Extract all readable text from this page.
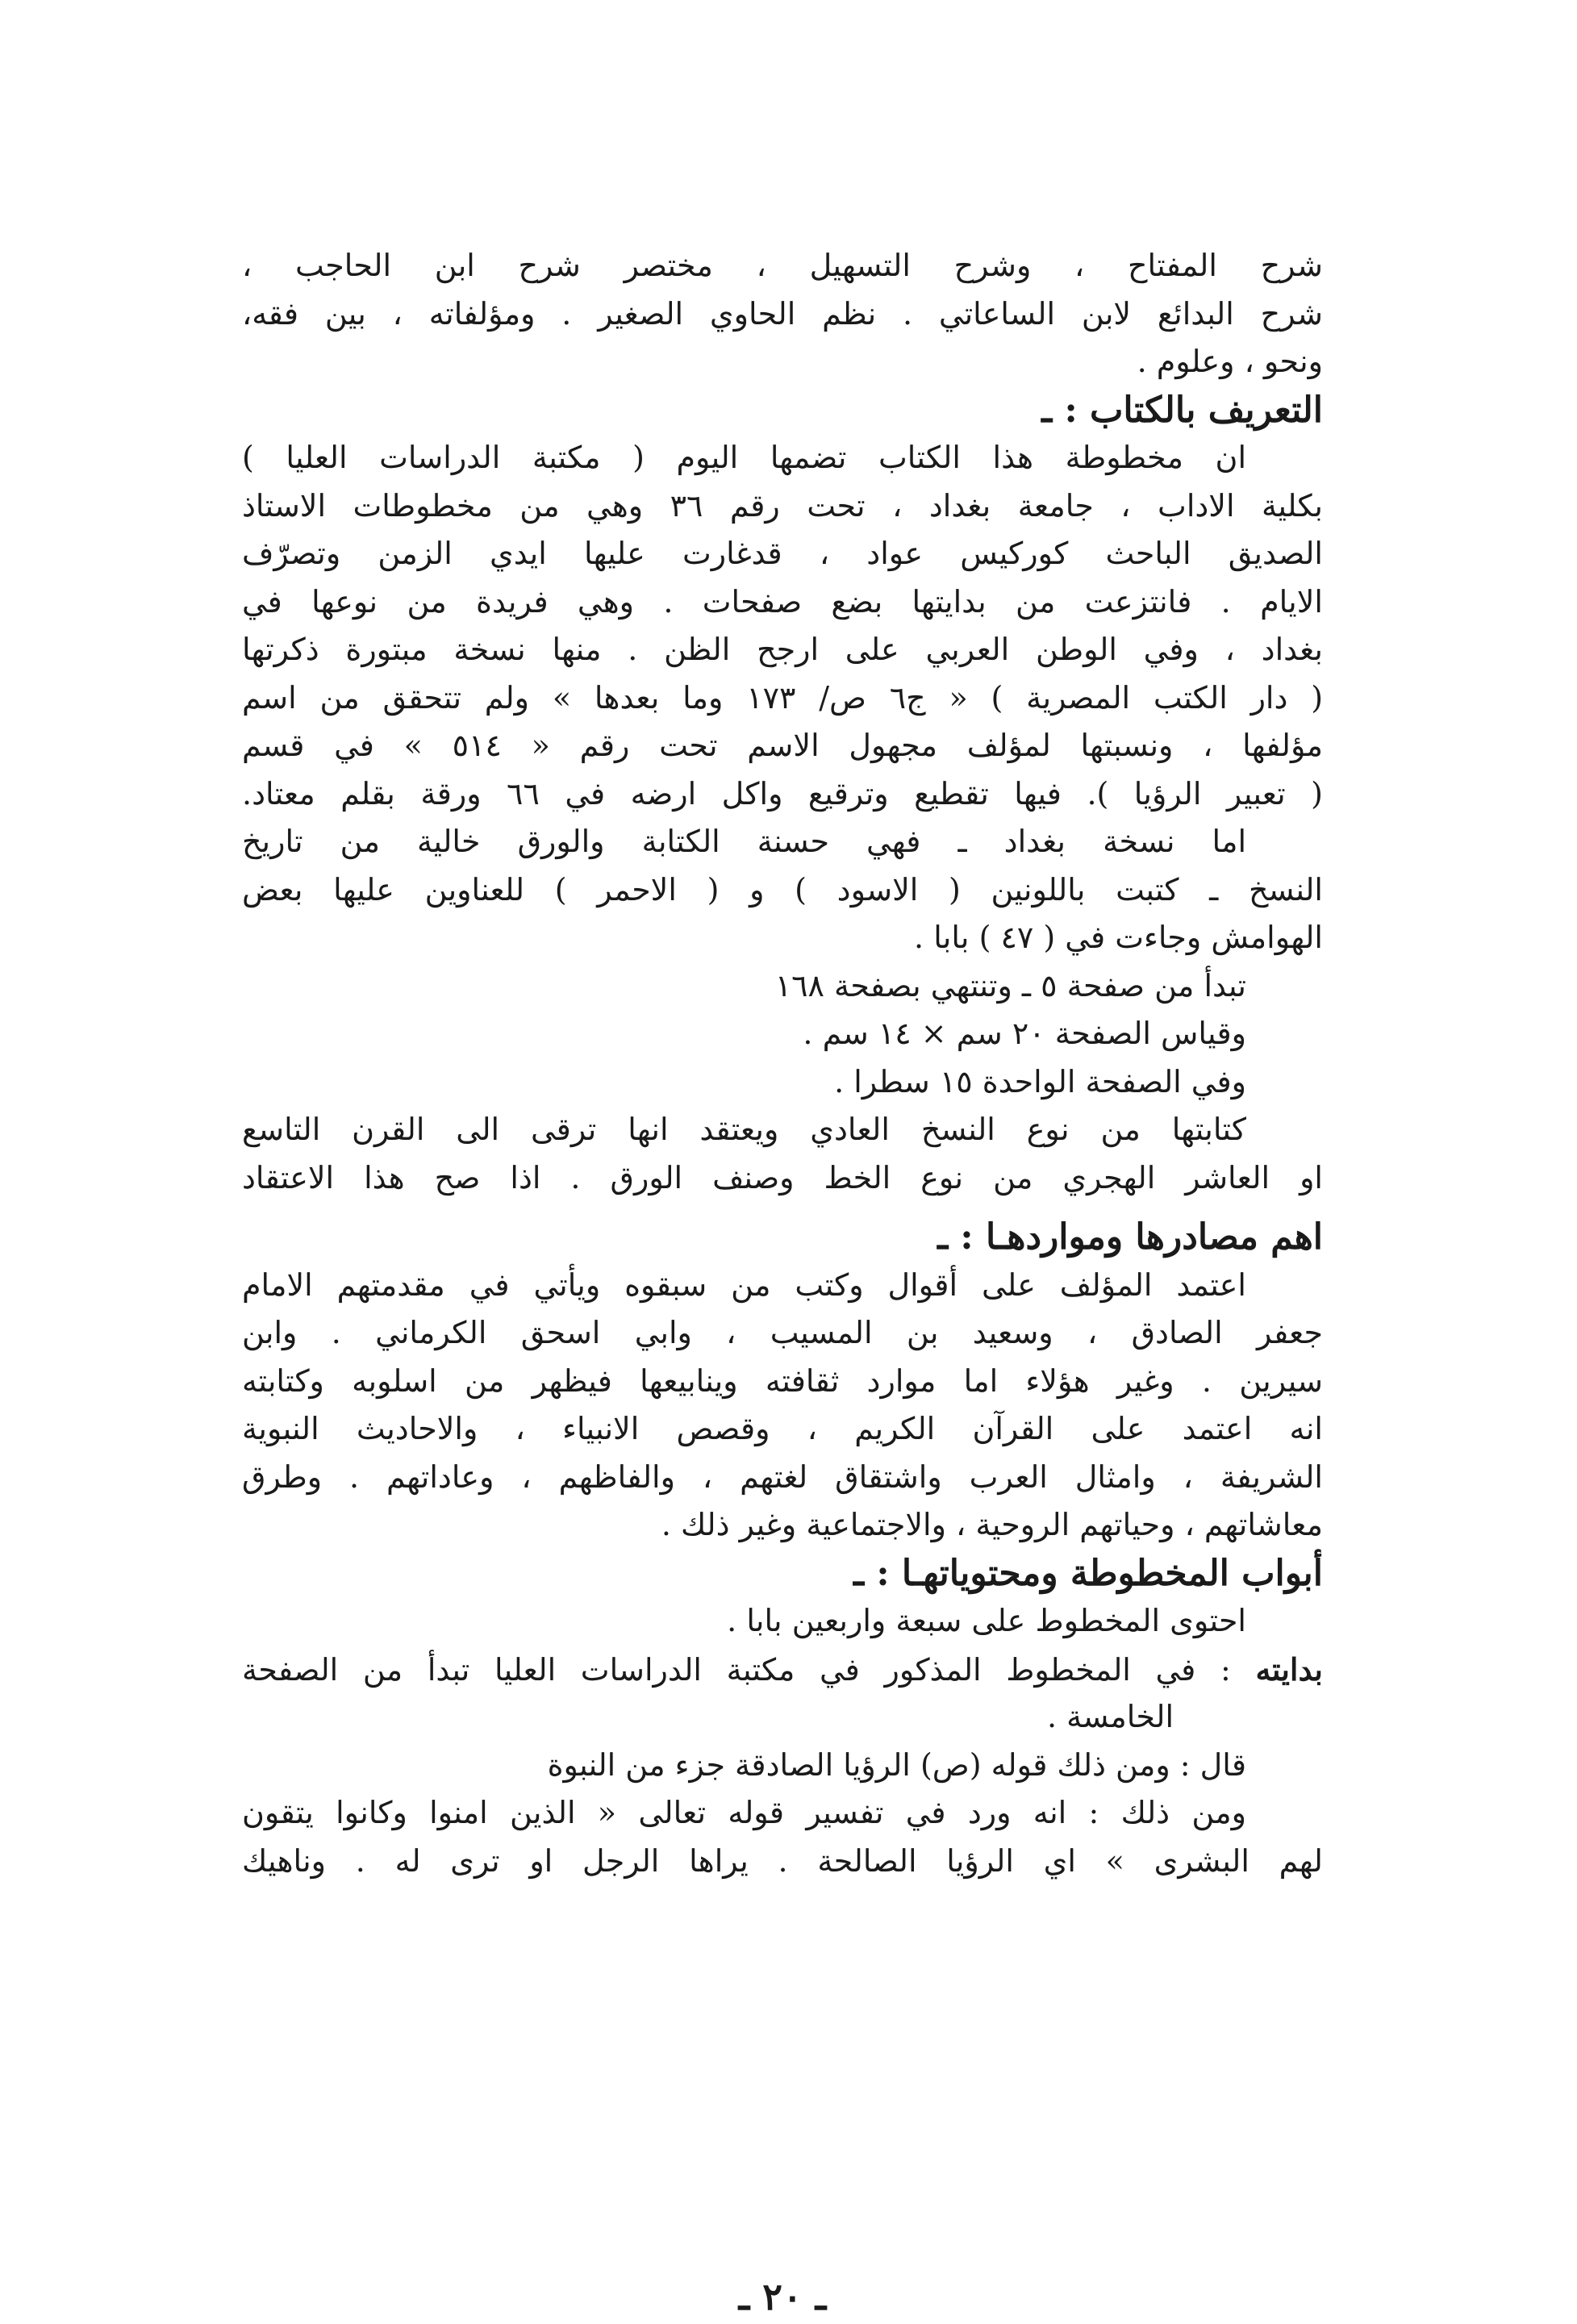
شرح المفتاح ، وشرح التسهيل ، مختصر شرح ابن الحاجب ،
شرح البدائع لابن الساعاتي . نظم الحاوي الصغير . ومؤلفاته ، بين فقه،
ونحو ، وعلوم .
التعريف بالكتاب : ـ
ان مخطوطة هذا الكتاب تضمها اليوم ( مكتبة الدراسات العليا )
بكلية الاداب ، جامعة بغداد ، تحت رقم ٣٦ وهي من مخطوطات الاستاذ
الصديق الباحث كوركيس عواد ، قدغارت عليها ايدي الزمن وتصرّف
الايام . فانتزعت من بدايتها بضع صفحات . وهي فريدة من نوعها في
بغداد ، وفي الوطن العربي على ارجح الظن . منها نسخة مبتورة ذكرتها
( دار الكتب المصرية ) « ج٦ ص/ ١٧٣ وما بعدها » ولم تتحقق من اسم
مؤلفها ، ونسبتها لمؤلف مجهول الاسم تحت رقم « ٥١٤ » في قسم
( تعبير الرؤيا ). فيها تقطيع وترقيع واكل ارضه في ٦٦ ورقة بقلم معتاد.
اما نسخة بغداد ـ فهي حسنة الكتابة والورق خالية من تاريخ
النسخ ـ كتبت باللونين ( الاسود ) و ( الاحمر ) للعناوين عليها بعض
الهوامش وجاءت في ( ٤٧ ) بابا .
تبدأ من صفحة ٥ ـ وتنتهي بصفحة ١٦٨
وقياس الصفحة ٢٠ سم × ١٤ سم .
وفي الصفحة الواحدة ١٥ سطرا .
كتابتها من نوع النسخ العادي ويعتقد انها ترقى الى القرن التاسع
او العاشر الهجري من نوع الخط وصنف الورق . اذا صح هذا الاعتقاد
اهم مصادرها ومواردهـا : ـ
اعتمد المؤلف على أقوال وكتب من سبقوه ويأتي في مقدمتهم الامام
جعفر الصادق ، وسعيد بن المسيب ، وابي اسحق الكرماني . وابن
سيرين . وغير هؤلاء اما موارد ثقافته وينابيعها فيظهر من اسلوبه وكتابته
انه اعتمد على القرآن الكريم ، وقصص الانبياء ، والاحاديث النبوية
الشريفة ، وامثال العرب واشتقاق لغتهم ، والفاظهم ، وعاداتهم . وطرق
معاشاتهم ، وحياتهم الروحية ، والاجتماعية وغير ذلك .
أبواب المخطوطة ومحتوياتهـا : ـ
احتوى المخطوط على سبعة واربعين بابا .
بدايته : في المخطوط المذكور في مكتبة الدراسات العليا تبدأ من الصفحة
الخامسة .
قال : ومن ذلك قوله (ص) الرؤيا الصادقة جزء من النبوة
ومن ذلك : انه ورد في تفسير قوله تعالى « الذين امنوا وكانوا يتقون
لهم البشرى » اي الرؤيا الصالحة . يراها الرجل او ترى له . وناهيك
ـ ٢٠ ـ
